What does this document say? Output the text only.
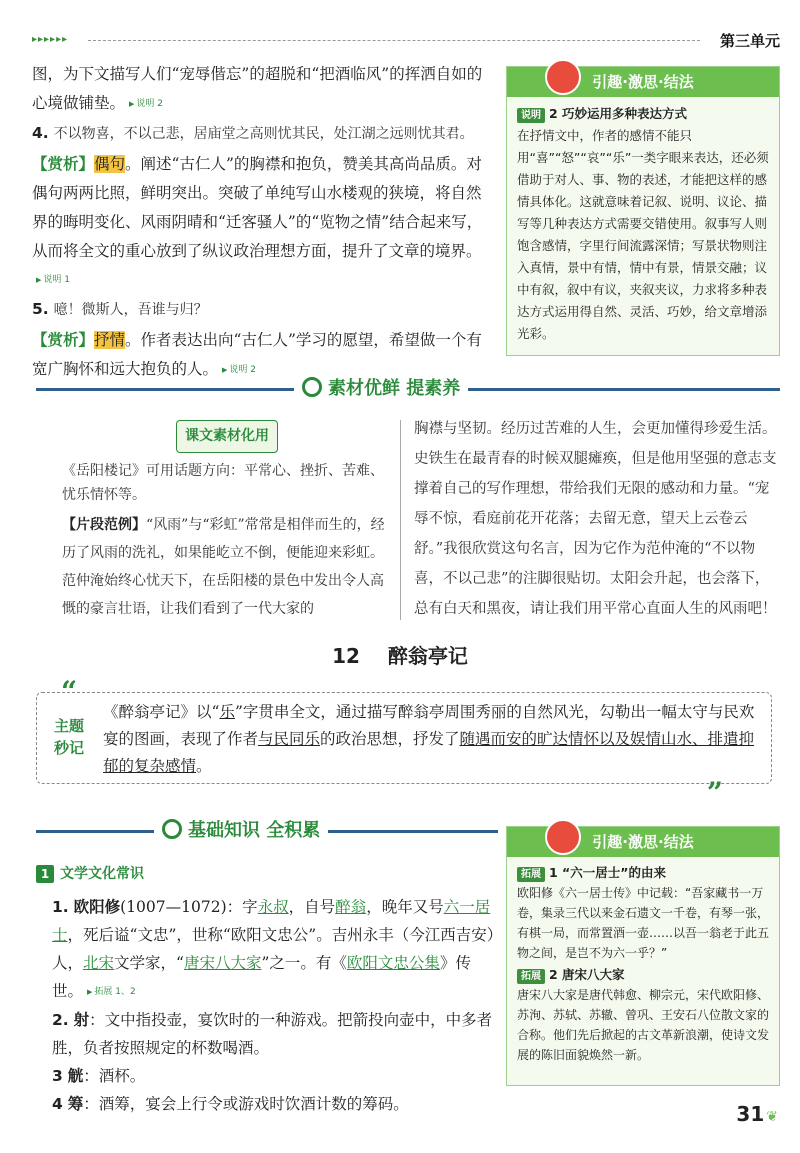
▸▸▸▸▸▸	第三单元

图，为下文描写人们“宠辱偕忘”的超脱和“把酒临风”的挥洒自如的心境做铺垫。 ▶ 说明 2

4. 不以物喜，不以己悲，居庙堂之高则忧其民，处江湖之远则忧其君。

【赏析】偶句。阐述“古仁人”的胸襟和抱负，赞美其高尚品质。对偶句两两比照，鲜明突出。突破了单纯写山水楼观的狭境，将自然界的晦明变化、风雨阴晴和“迁客骚人”的“览物之情”结合起来写，从而将全文的重心放到了纵议政治理想方面，提升了文章的境界。▶ 说明 1

5. 噫！微斯人，吾谁与归？

【赏析】抒情。作者表达出向“古仁人”学习的愿望，希望做一个有宽广胸怀和远大抱负的人。 ▶ 说明 2

引趣·激思·结法
说明 2 巧妙运用多种表达方式
在抒情文中，作者的感情不能只用“喜”“怒”“哀”“乐”一类字眼来表达，还必须借助于对人、事、物的表述，才能把这样的感情具体化。这就意味着记叙、说明、议论、描写等几种表达方式需要交错使用。叙事写人则饱含感情，字里行间流露深情；写景状物则注入真情，景中有情，情中有景，情景交融；议中有叙，叙中有议，夹叙夹议，力求将多种表达方式运用得自然、灵活、巧妙，给文章增添光彩。
素材优鲜 提素养
课文素材化用

《岳阳楼记》可用话题方向：平常心、挫折、苦难、忧乐情怀等。

【片段范例】“风雨”与“彩虹”常常是相伴而生的，经历了风雨的洗礼，如果能屹立不倒，便能迎来彩虹。范仲淹始终心忧天下，在岳阳楼的景色中发出令人高慨的豪言壮语，让我们看到了一代大家的

胸襟与坚韧。经历过苦难的人生，会更加懂得珍爱生活。史铁生在最青春的时候双腿瘫痪，但是他用坚强的意志支撑着自己的写作理想，带给我们无限的感动和力量。“宠辱不惊，看庭前花开花落；去留无意，望天上云卷云舒。”我很欣赏这句名言，因为它作为范仲淹的“不以物喜，不以己悲”的注脚很贴切。太阳会升起，也会落下，总有白天和黑夜，请让我们用平常心直面人生的风雨吧！

12 醉翁亭记
“
”
主题秒记
《醉翁亭记》以“乐”字贯串全文，通过描写醉翁亭周围秀丽的自然风光，勾勒出一幅太守与民欢宴的图画，表现了作者与民同乐的政治思想，抒发了随遇而安的旷达情怀以及娱情山水、排遣抑郁的复杂感情。
基础知识 全积累
1 文学文化常识

1. 欧阳修(1007—1072)：字永叔，自号醉翁，晚年又号六一居士，死后谥“文忠”，世称“欧阳文忠公”。吉州永丰（今江西吉安）人，北宋文学家，“唐宋八大家”之一。有《欧阳文忠公集》传世。 ▶ 拓展 1、2

2. 射：文中指投壶，宴饮时的一种游戏。把箭投向壶中，中多者胜，负者按照规定的杯数喝酒。

3 觥：酒杯。

4 筹：酒筹，宴会上行令或游戏时饮酒计数的筹码。

引趣·激思·结法
拓展 1 “六一居士”的由来
欧阳修《六一居士传》中记载：“吾家藏书一万卷，集录三代以来金石遗文一千卷，有琴一张，有棋一局，而常置酒一壶……以吾一翁老于此五物之间，是岂不为六一乎？”
拓展 2 唐宋八大家
唐宋八大家是唐代韩愈、柳宗元，宋代欧阳修、苏洵、苏轼、苏辙、曾巩、王安石八位散文家的合称。他们先后掀起的古文革新浪潮，使诗文发展的陈旧面貌焕然一新。
31 ❦
